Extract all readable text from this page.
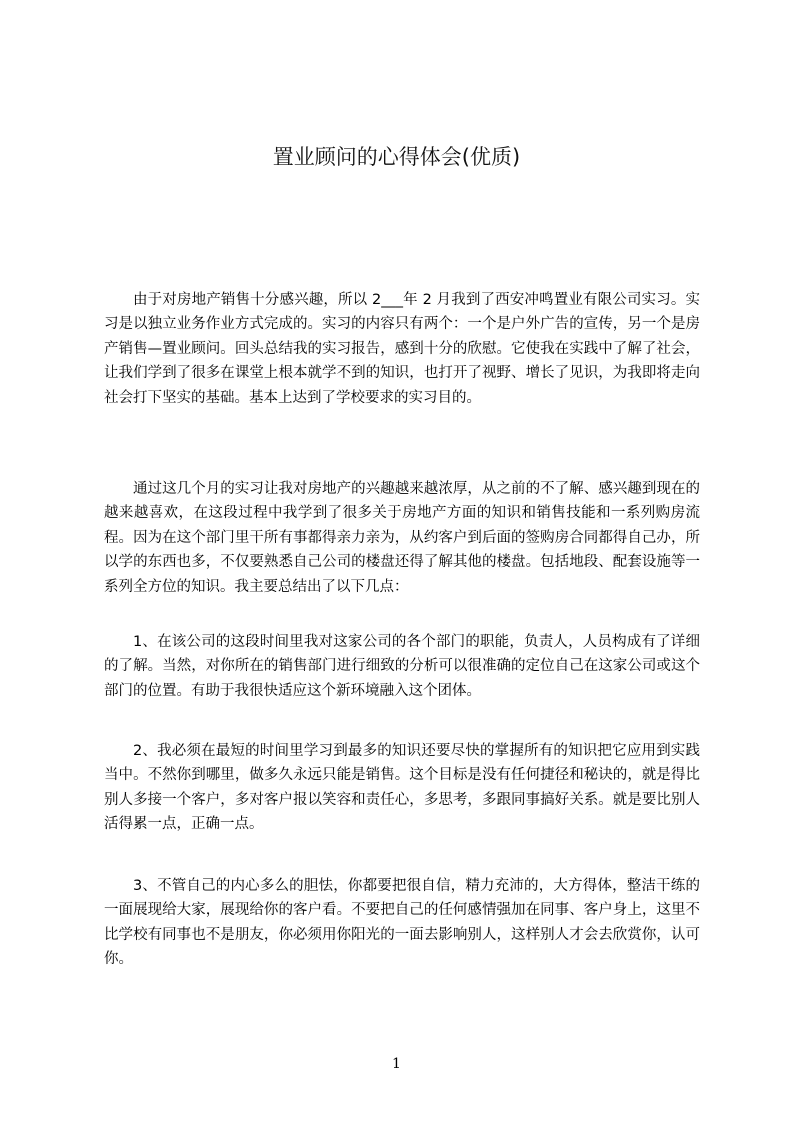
置业顾问的心得体会(优质)

由于对房地产销售十分感兴趣，所以 2___年 2 月我到了西安冲鸣置业有限公司实习。实习是以独立业务作业方式完成的。实习的内容只有两个：一个是户外广告的宣传，另一个是房产销售—置业顾问。回头总结我的实习报告，感到十分的欣慰。它使我在实践中了解了社会，让我们学到了很多在课堂上根本就学不到的知识，也打开了视野、增长了见识，为我即将走向社会打下坚实的基础。基本上达到了学校要求的实习目的。

通过这几个月的实习让我对房地产的兴趣越来越浓厚，从之前的不了解、感兴趣到现在的越来越喜欢，在这段过程中我学到了很多关于房地产方面的知识和销售技能和一系列购房流程。因为在这个部门里干所有事都得亲力亲为，从约客户到后面的签购房合同都得自己办，所以学的东西也多，不仅要熟悉自己公司的楼盘还得了解其他的楼盘。包括地段、配套设施等一系列全方位的知识。我主要总结出了以下几点：

1、在该公司的这段时间里我对这家公司的各个部门的职能，负责人，人员构成有了详细的了解。当然，对你所在的销售部门进行细致的分析可以很准确的定位自己在这家公司或这个部门的位置。有助于我很快适应这个新环境融入这个团体。

2、我必须在最短的时间里学习到最多的知识还要尽快的掌握所有的知识把它应用到实践当中。不然你到哪里，做多久永远只能是销售。这个目标是没有任何捷径和秘诀的，就是得比别人多接一个客户，多对客户报以笑容和责任心，多思考，多跟同事搞好关系。就是要比别人活得累一点，正确一点。

3、不管自己的内心多么的胆怯，你都要把很自信，精力充沛的，大方得体，整洁干练的一面展现给大家，展现给你的客户看。不要把自己的任何感情强加在同事、客户身上，这里不比学校有同事也不是朋友，你必须用你阳光的一面去影响别人，这样别人才会去欣赏你，认可你。

1
